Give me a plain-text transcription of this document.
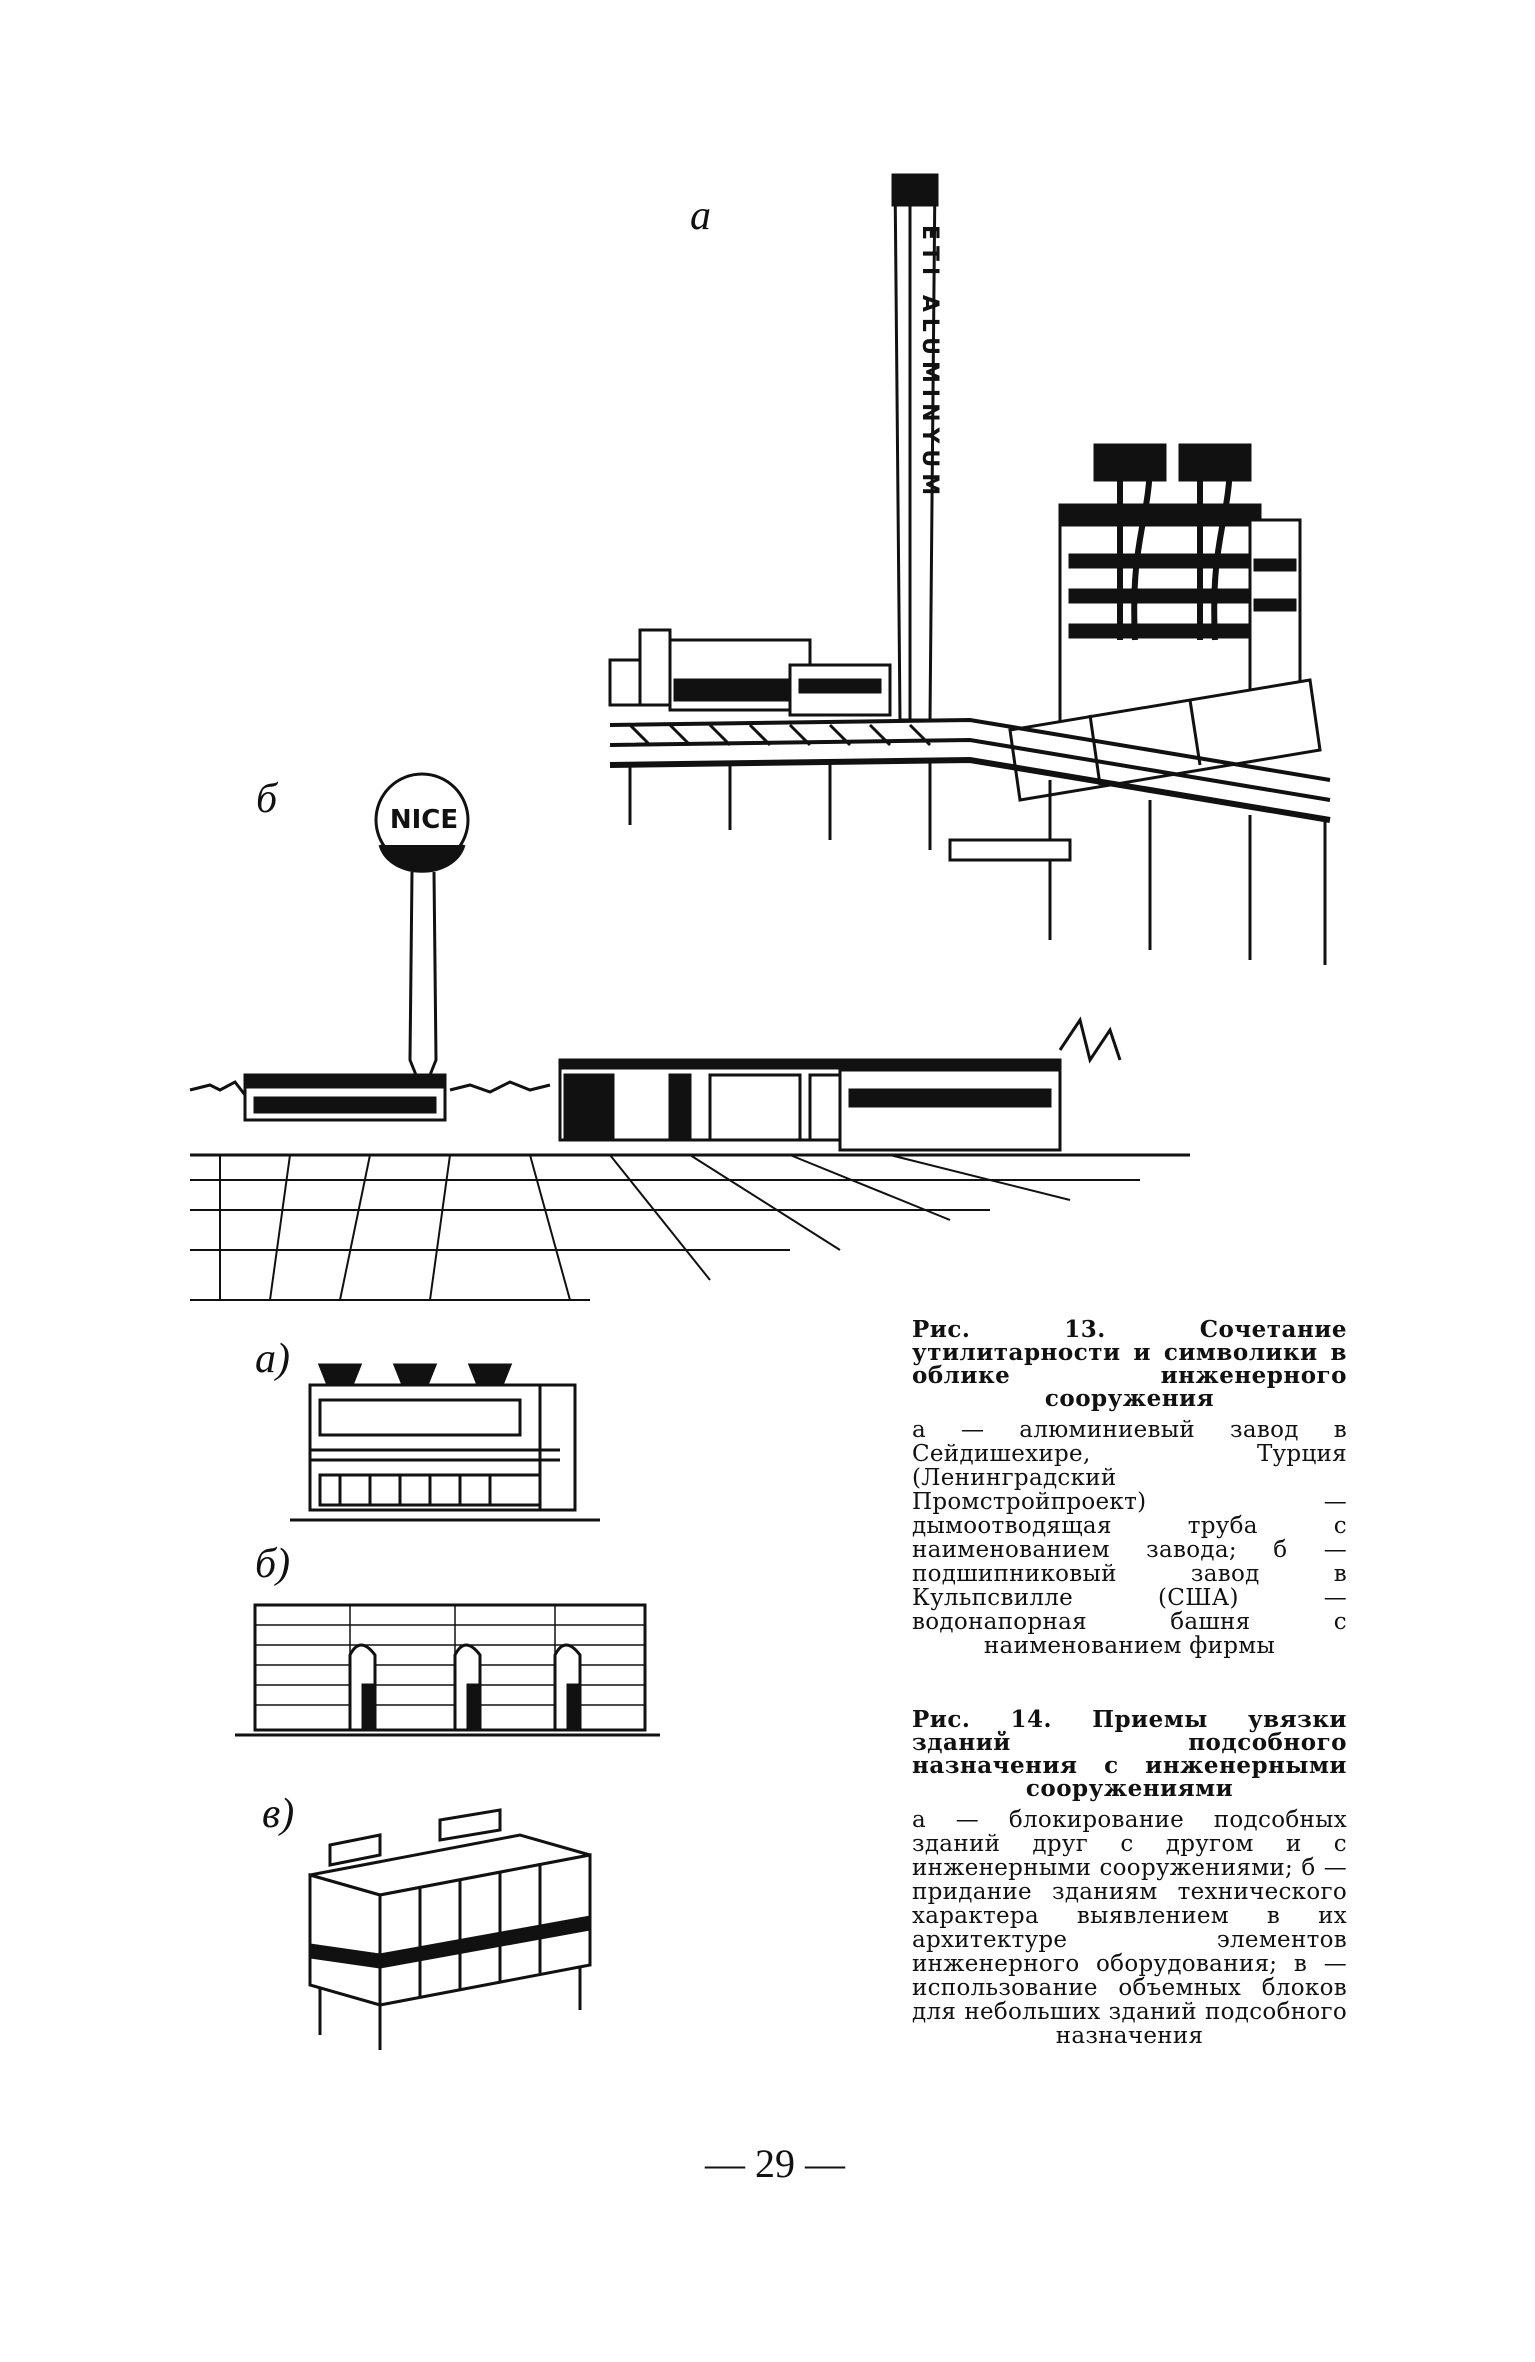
а
ETI ALUMINYUM
б	NICE
а)
б)
в)
Рис. 13. Сочетание утилитарности и символики в облике инженерного сооружения
а — алюминиевый завод в Сейдишехире, Турция (Ленинградский Промстройпроект) — дымоотводящая труба с наименованием завода; б — подшипниковый завод в Кульпсвилле (США) — водонапорная башня с наименованием фирмы
Рис. 14. Приемы увязки зданий подсобного назначения с инженерными сооружениями
а — блокирование подсобных зданий друг с другом и с инженерными сооружениями; б — придание зданиям технического характера выявлением в их архитектуре элементов инженерного оборудования; в — использование объемных блоков для небольших зданий подсобного назначения
— 29 —
